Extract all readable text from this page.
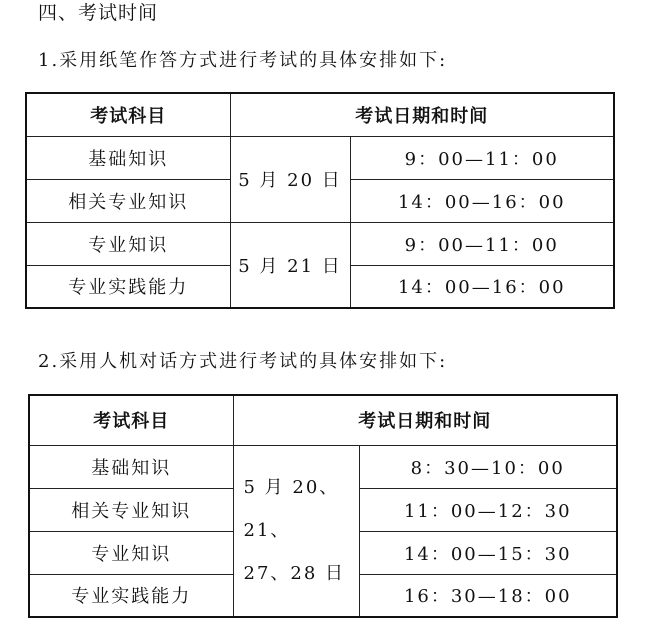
四、考试时间
1.采用纸笔作答方式进行考试的具体安排如下:
考试科目	考试日期和时间	
基础知识	5 月 20 日	9：00—11：00
相关专业知识		14：00—16：00
专业知识	5 月 21 日	9：00—11：00
专业实践能力		14：00—16：00
2.采用人机对话方式进行考试的具体安排如下:
考试科目	考试日期和时间	
基础知识	5 月 20、21、
27、28 日	8：30—10：00
相关专业知识		11：00—12：30
专业知识		14：00—15：30
专业实践能力		16：30—18：00
